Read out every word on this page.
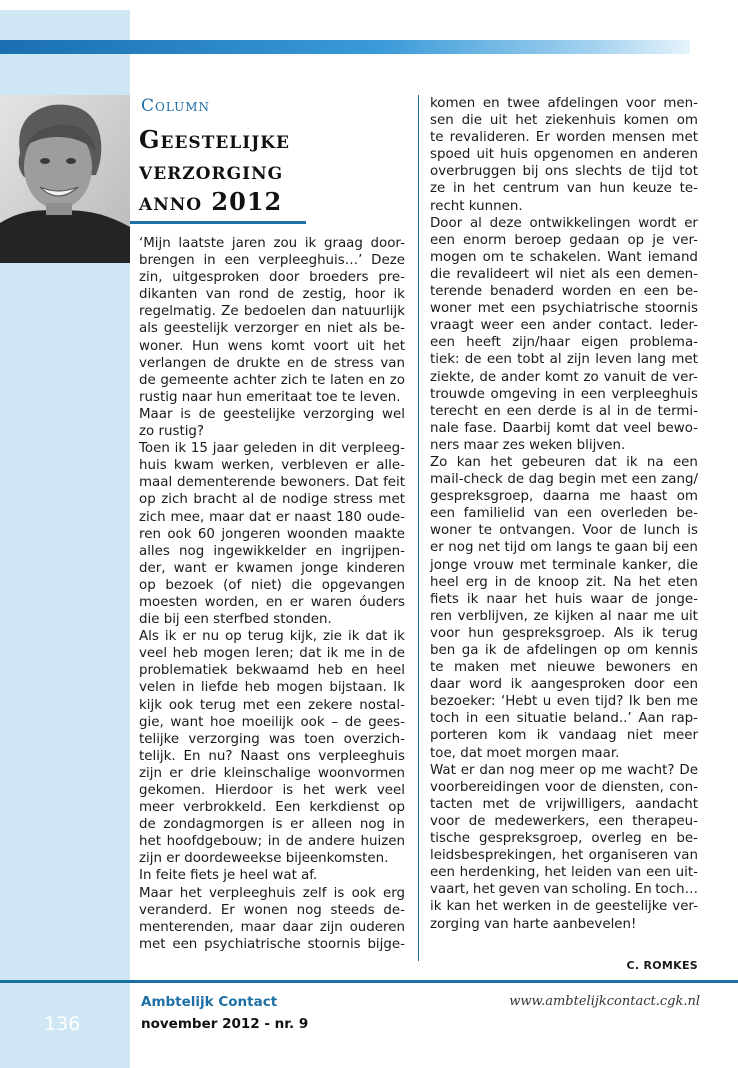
Column
Geestelijke
verzorging
anno 2012

‘Mijn laatste jaren zou ik graag door-

brengen in een verpleeghuis…’ Deze

zin, uitgesproken door broeders pre-

dikanten van rond de zestig, hoor ik

regelmatig. Ze bedoelen dan natuurlijk

als geestelijk verzorger en niet als be-

woner. Hun wens komt voort uit het

verlangen de drukte en de stress van

de gemeente achter zich te laten en zo

rustig naar hun emeritaat toe te leven.

Maar is de geestelijke verzorging wel

zo rustig?

Toen ik 15 jaar geleden in dit verpleeg-

huis kwam werken, verbleven er alle-

maal dementerende bewoners. Dat feit

op zich bracht al de nodige stress met

zich mee, maar dat er naast 180 oude-

ren ook 60 jongeren woonden maakte

alles nog ingewikkelder en ingrijpen-

der, want er kwamen jonge kinderen

op bezoek (of niet) die opgevangen

moesten worden, en er waren óuders

die bij een sterfbed stonden.

Als ik er nu op terug kijk, zie ik dat ik

veel heb mogen leren; dat ik me in de

problematiek bekwaamd heb en heel

velen in liefde heb mogen bijstaan. Ik

kijk ook terug met een zekere nostal-

gie, want hoe moeilijk ook – de gees-

telijke verzorging was toen overzich-

telijk. En nu? Naast ons verpleeghuis

zijn er drie kleinschalige woonvormen

gekomen. Hierdoor is het werk veel

meer verbrokkeld. Een kerkdienst op

de zondagmorgen is er alleen nog in

het hoofdgebouw; in de andere huizen

zijn er doordeweekse bijeenkomsten.

In feite fiets je heel wat af.

Maar het verpleeghuis zelf is ook erg

veranderd. Er wonen nog steeds de-

menterenden, maar daar zijn ouderen

met een psychiatrische stoornis bijge-

komen en twee afdelingen voor men-

sen die uit het ziekenhuis komen om

te revalideren. Er worden mensen met

spoed uit huis opgenomen en anderen

overbruggen bij ons slechts de tijd tot

ze in het centrum van hun keuze te-

recht kunnen.

Door al deze ontwikkelingen wordt er

een enorm beroep gedaan op je ver-

mogen om te schakelen. Want iemand

die revalideert wil niet als een demen-

terende benaderd worden en een be-

woner met een psychiatrische stoornis

vraagt weer een ander contact. Ieder-

een heeft zijn/haar eigen problema-

tiek: de een tobt al zijn leven lang met

ziekte, de ander komt zo vanuit de ver-

trouwde omgeving in een verpleeghuis

terecht en een derde is al in de termi-

nale fase. Daarbij komt dat veel bewo-

ners maar zes weken blijven.

Zo kan het gebeuren dat ik na een

mail-check de dag begin met een zang/

gespreksgroep, daarna me haast om

een familielid van een overleden be-

woner te ontvangen. Voor de lunch is

er nog net tijd om langs te gaan bij een

jonge vrouw met terminale kanker, die

heel erg in de knoop zit. Na het eten

fiets ik naar het huis waar de jonge-

ren verblijven, ze kijken al naar me uit

voor hun gespreksgroep. Als ik terug

ben ga ik de afdelingen op om kennis

te maken met nieuwe bewoners en

daar word ik aangesproken door een

bezoeker: ‘Hebt u even tijd? Ik ben me

toch in een situatie beland..’ Aan rap-

porteren kom ik vandaag niet meer

toe, dat moet morgen maar.

Wat er dan nog meer op me wacht? De

voorbereidingen voor de diensten, con-

tacten met de vrijwilligers, aandacht

voor de medewerkers, een therapeu-

tische gespreksgroep, overleg en be-

leidsbesprekingen, het organiseren van

een herdenking, het leiden van een uit-

vaart, het geven van scholing. En toch…

ik kan het werken in de geestelijke ver-

zorging van harte aanbevelen!

C. ROMKES
136
Ambtelijk Contact
november 2012 - nr. 9
www.ambtelijkcontact.cgk.nl
